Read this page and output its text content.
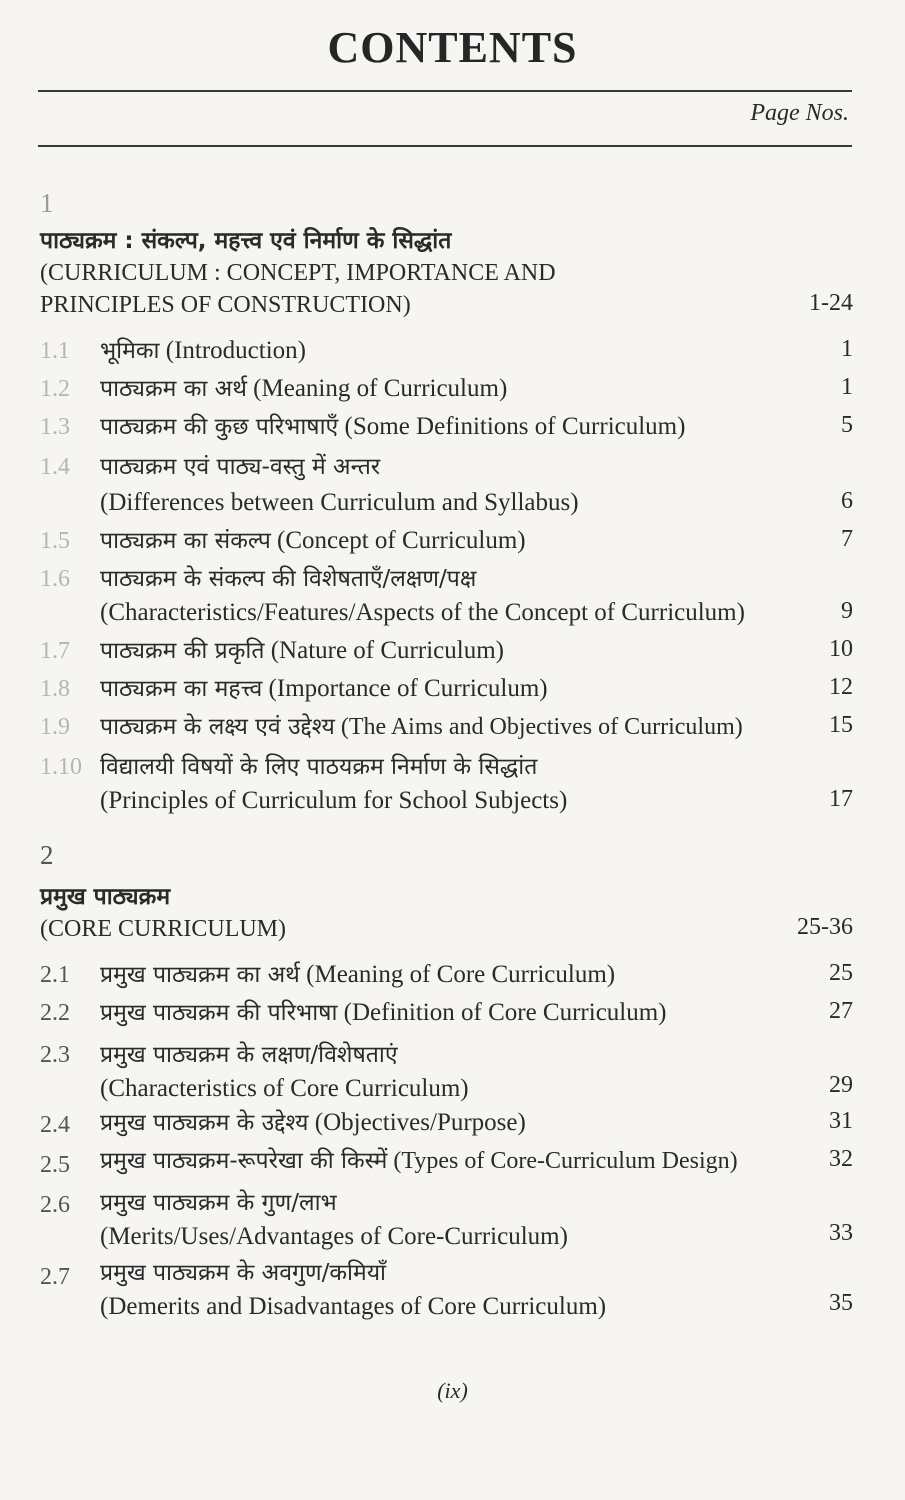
CONTENTS
Page Nos.
1
पाठ्यक्रम : संकल्प, महत्त्व एवं निर्माण के सिद्धांत
(CURRICULUM : CONCEPT, IMPORTANCE AND
PRINCIPLES OF CONSTRUCTION)	1-24
1.1 भूमिका (Introduction)	1
1.2 पाठ्यक्रम का अर्थ (Meaning of Curriculum)	1
1.3 पाठ्यक्रम की कुछ परिभाषाएँ (Some Definitions of Curriculum)	5
1.4 पाठ्यक्रम एवं पाठ्य-वस्तु में अन्तर
(Differences between Curriculum and Syllabus)	6
1.5 पाठ्यक्रम का संकल्प (Concept of Curriculum)	7
1.6 पाठ्यक्रम के संकल्प की विशेषताएँ/लक्षण/पक्ष
(Characteristics/Features/Aspects of the Concept of Curriculum)	9
1.7 पाठ्यक्रम की प्रकृति (Nature of Curriculum)	10
1.8 पाठ्यक्रम का महत्त्व (Importance of Curriculum)	12
1.9 पाठ्यक्रम के लक्ष्य एवं उद्देश्य (The Aims and Objectives of Curriculum)	15
1.10 विद्यालयी विषयों के लिए पाठयक्रम निर्माण के सिद्धांत
(Principles of Curriculum for School Subjects)	17
2
प्रमुख पाठ्यक्रम
(CORE CURRICULUM)	25-36
2.1 प्रमुख पाठ्यक्रम का अर्थ (Meaning of Core Curriculum)	25
2.2 प्रमुख पाठ्यक्रम की परिभाषा (Definition of Core Curriculum)	27
2.3 प्रमुख पाठ्यक्रम के लक्षण/विशेषताएं
(Characteristics of Core Curriculum)	29
2.4 प्रमुख पाठ्यक्रम के उद्देश्य (Objectives/Purpose)	31
2.5 प्रमुख पाठ्यक्रम-रूपरेखा की किस्में (Types of Core-Curriculum Design)	32
2.6 प्रमुख पाठ्यक्रम के गुण/लाभ
(Merits/Uses/Advantages of Core-Curriculum)	33
2.7 प्रमुख पाठ्यक्रम के अवगुण/कमियाँ
(Demerits and Disadvantages of Core Curriculum)	35
(ix)
